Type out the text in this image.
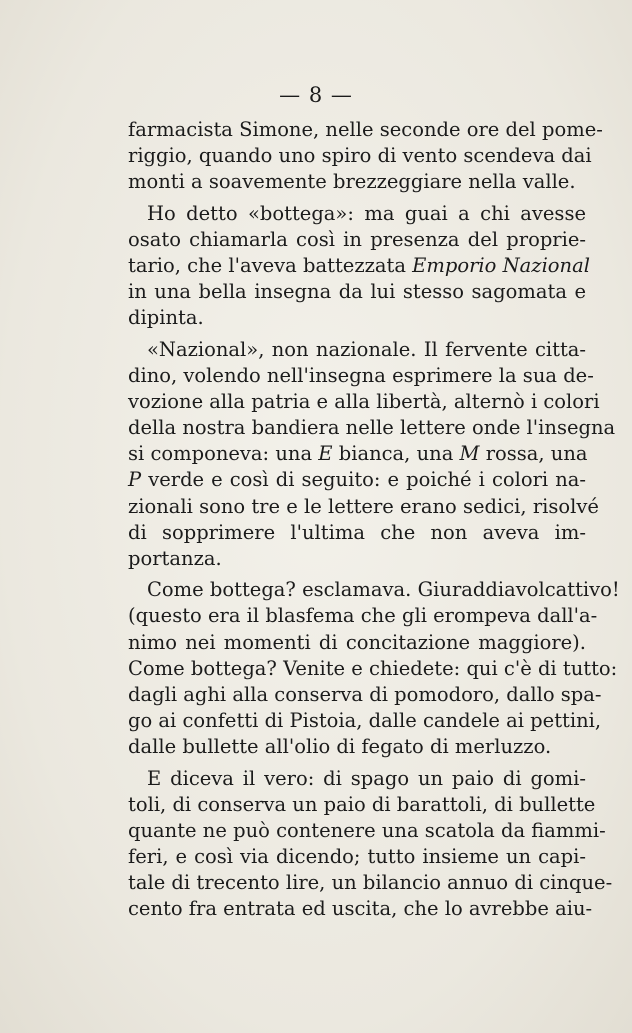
— 8 —
farmacista Simone, nelle seconde ore del pome-
riggio, quando uno spiro di vento scendeva dai
monti a soavemente brezzeggiare nella valle.
Ho detto «bottega»: ma guai a chi avesse
osato chiamarla così in presenza del proprie-
tario, che l'aveva battezzata Emporio Nazional
in una bella insegna da lui stesso sagomata e
dipinta.
«Nazional», non nazionale. Il fervente citta-
dino, volendo nell'insegna esprimere la sua de-
vozione alla patria e alla libertà, alternò i colori
della nostra bandiera nelle lettere onde l'insegna
si componeva: una E bianca, una M rossa, una
P verde e così di seguito: e poiché i colori na-
zionali sono tre e le lettere erano sedici, risolvé
di sopprimere l'ultima che non aveva im-
portanza.
Come bottega? esclamava. Giuraddiavolcattivo!
(questo era il blasfema che gli erompeva dall'a-
nimo nei momenti di concitazione maggiore).
Come bottega? Venite e chiedete: qui c'è di tutto:
dagli aghi alla conserva di pomodoro, dallo spa-
go ai confetti di Pistoia, dalle candele ai pettini,
dalle bullette all'olio di fegato di merluzzo.
E diceva il vero: di spago un paio di gomi-
toli, di conserva un paio di barattoli, di bullette
quante ne può contenere una scatola da fiammi-
feri, e così via dicendo; tutto insieme un capi-
tale di trecento lire, un bilancio annuo di cinque-
cento fra entrata ed uscita, che lo avrebbe aiu-
